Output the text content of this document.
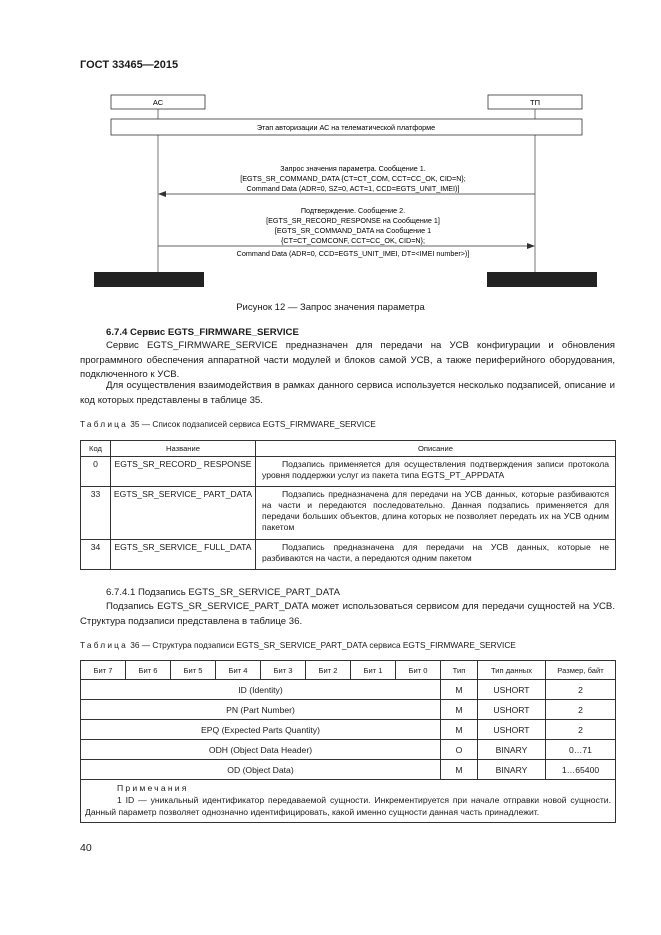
ГОСТ 33465—2015
АС	ТП
Этап авторизации АС на телематической платформе
Запрос значения параметра. Сообщение 1.
[EGTS_SR_COMMAND_DATA {CT=CT_COM, CCT=CC_OK, CID=N};
Command Data (ADR=0, SZ=0, ACT=1, CCD=EGTS_UNIT_IMEI)]
Подтверждение. Сообщение 2.
[EGTS_SR_RECORD_RESPONSE на Сообщение 1]
[EGTS_SR_COMMAND_DATA на Сообщение 1
{CT=CT_COMCONF, CCT=CC_OK, CID=N};
Command Data (ADR=0, CCD=EGTS_UNIT_IMEI, DT=<IMEI number>)]
Рисунок 12 — Запрос значения параметра
6.7.4 Сервис EGTS_FIRMWARE_SERVICE
Сервис EGTS_FIRMWARE_SERVICE предназначен для передачи на УСВ конфигурации и обновления программного обеспечения аппаратной части модулей и блоков самой УСВ, а также периферийного оборудования, подключенного к УСВ.
Для осуществления взаимодействия в рамках данного сервиса используется несколько подзаписей, описание и код которых представлены в таблице 35.
Таблица 35 — Список подзаписей сервиса EGTS_FIRMWARE_SERVICE
Код	Название	Описание
0	EGTS_SR_RECORD_ RESPONSE	Подзапись применяется для осуществления подтверждения записи протокола уровня поддержки услуг из пакета типа EGTS_PT_APPDATA
33	EGTS_SR_SERVICE_ PART_DATA	Подзапись предназначена для передачи на УСВ данных, которые разбиваются на части и передаются последовательно. Данная подзапись применяется для передачи больших объектов, длина которых не позволяет передать их на УСВ одним пакетом
34	EGTS_SR_SERVICE_ FULL_DATA	Подзапись предназначена для передачи на УСВ данных, которые не разбиваются на части, а передаются одним пакетом
6.7.4.1 Подзапись EGTS_SR_SERVICE_PART_DATA
Подзапись EGTS_SR_SERVICE_PART_DATA может использоваться сервисом для передачи сущностей на УСВ. Структура подзаписи представлена в таблице 36.
Таблица 36 — Структура подзаписи EGTS_SR_SERVICE_PART_DATA сервиса EGTS_FIRMWARE_SERVICE
Бит 7	Бит 6	Бит 5	Бит 4	Бит 3	Бит 2	Бит 1	Бит 0	Тип	Тип данных	Размер, байт
ID (Identity)								M	USHORT	2
PN (Part Number)								M	USHORT	2
EPQ (Expected Parts Quantity)								M	USHORT	2
ODH (Object Data Header)								O	BINARY	0…71
OD (Object Data)								M	BINARY	1…65400

Примечания
1 ID — уникальный идентификатор передаваемой сущности. Инкрементируется при начале отправки новой сущности. Данный параметр позволяет однозначно идентифицировать, какой именно сущности данная часть принадлежит.										
40
